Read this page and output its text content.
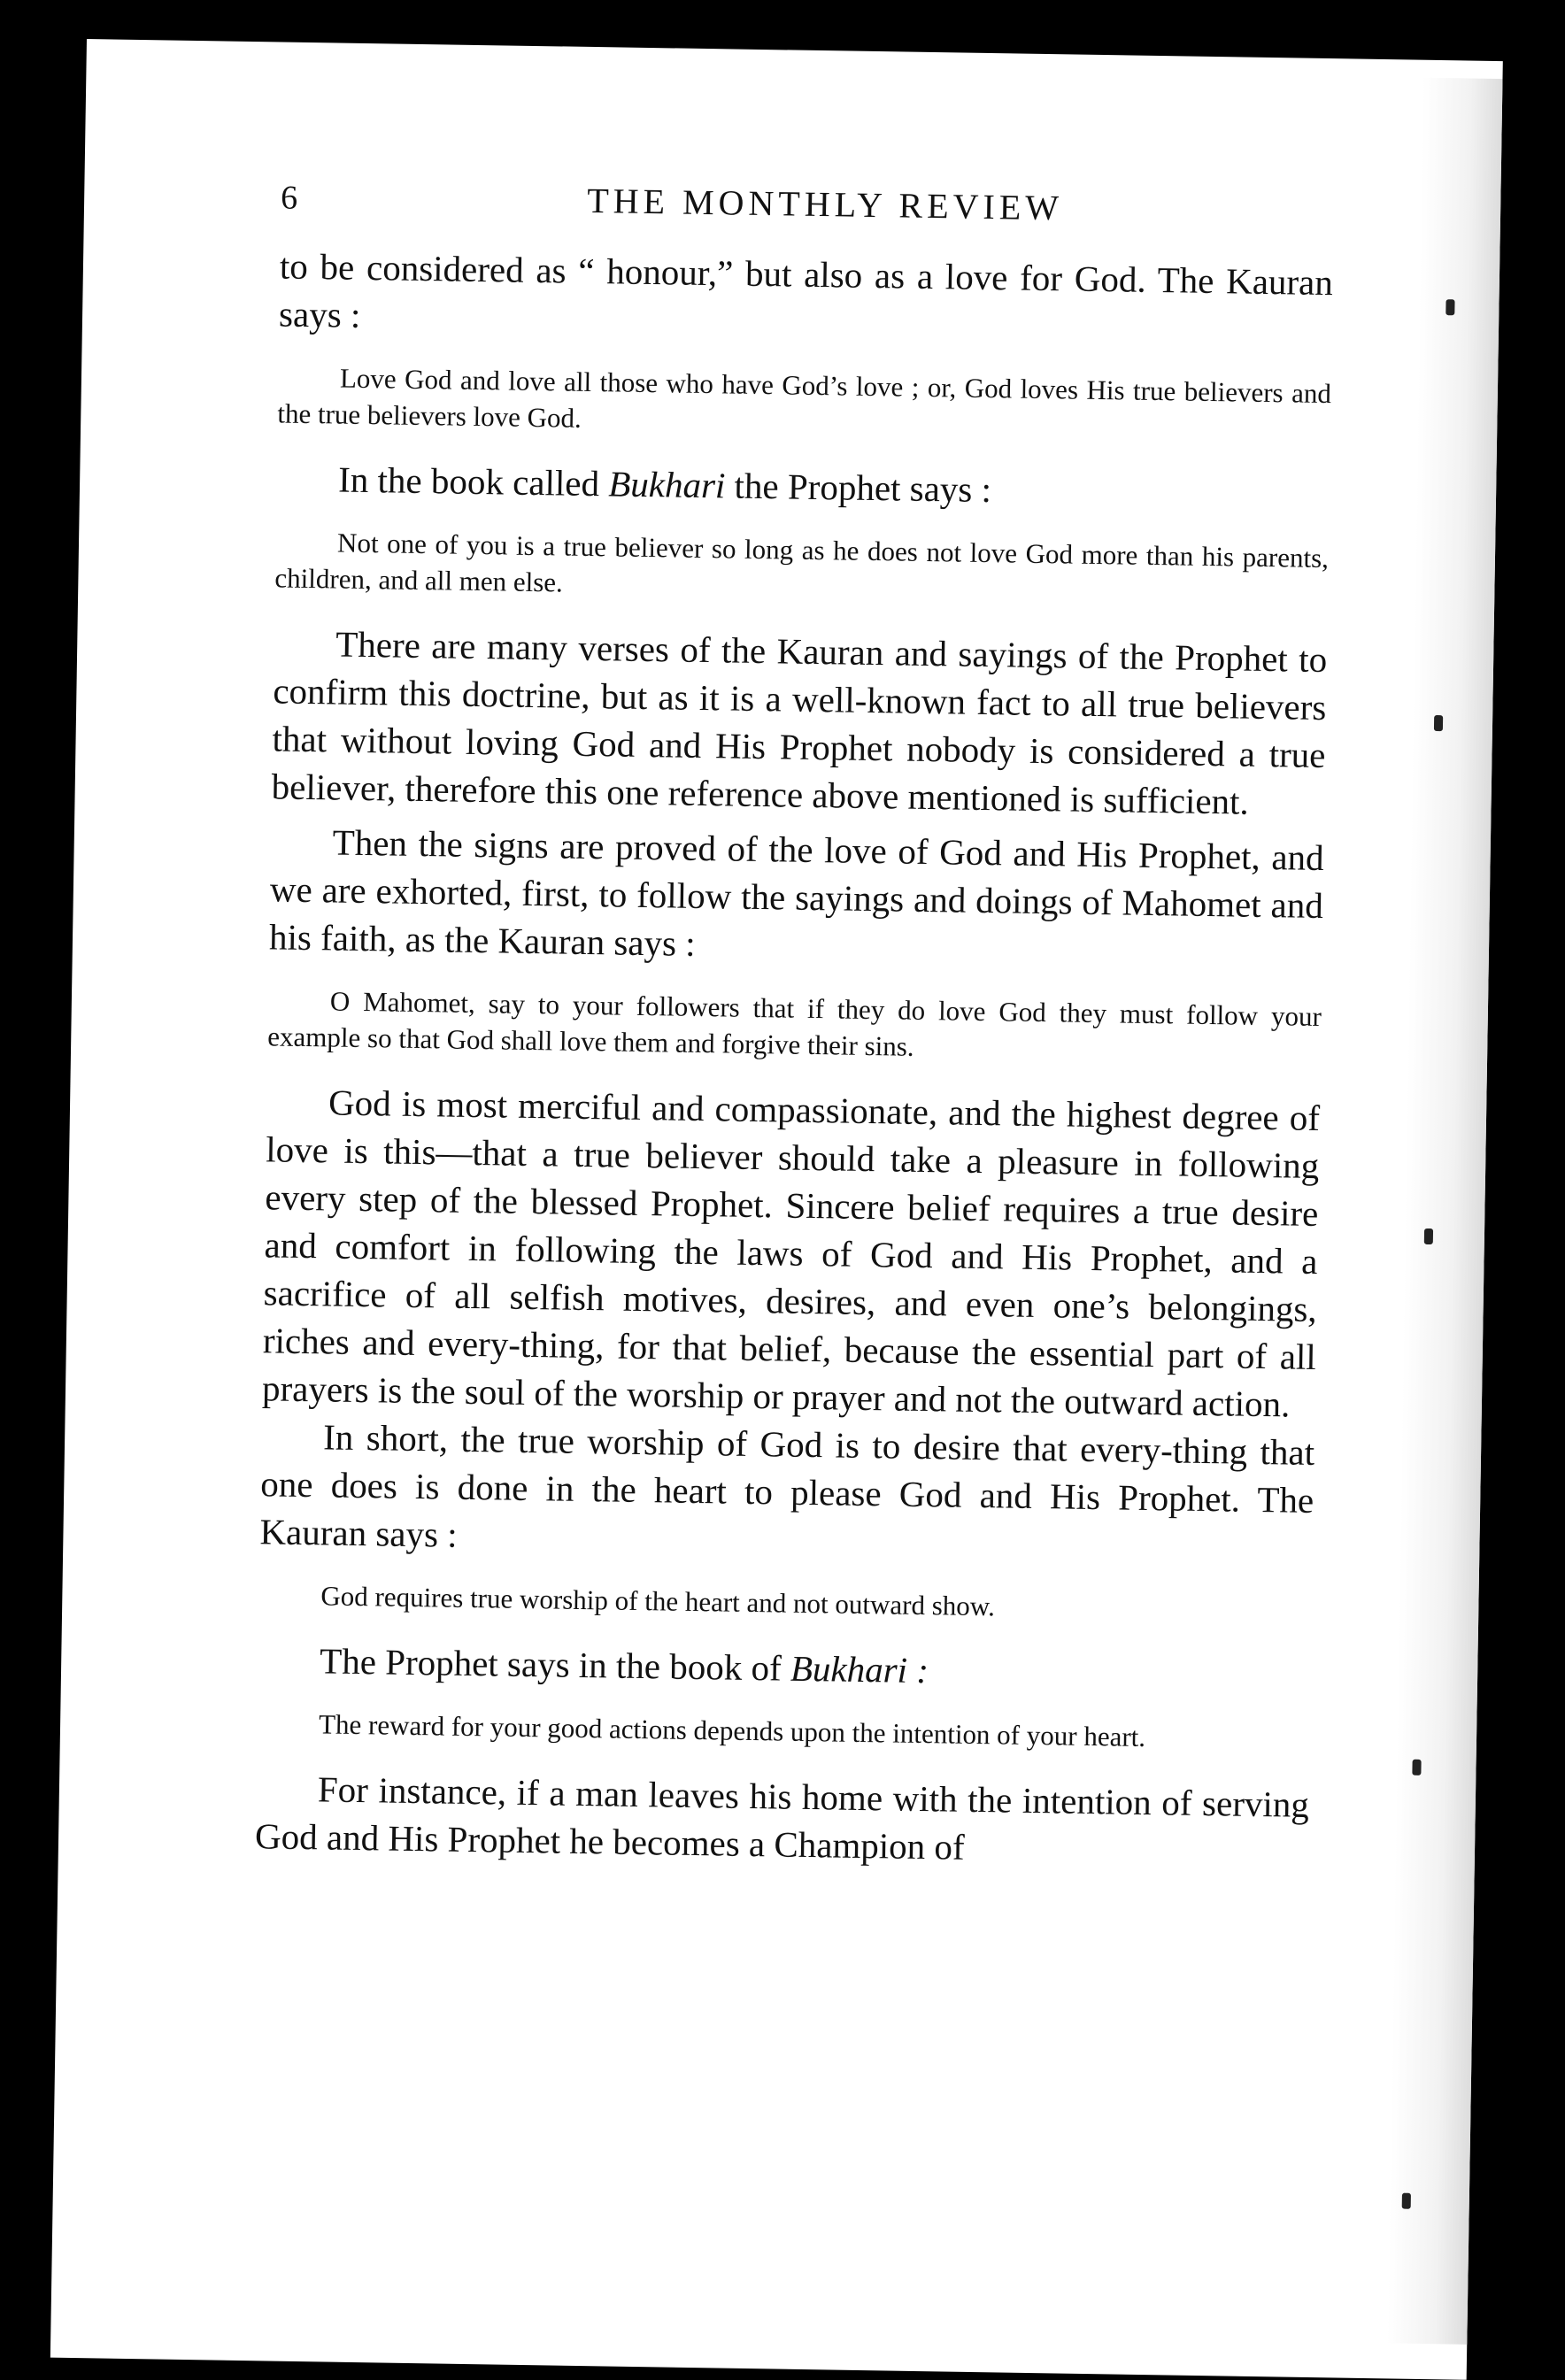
6	THE MONTHLY REVIEW

to be considered as “ honour,” but also as a love for God. The Kauran says :

Love God and love all those who have God’s love ; or, God loves His true believers and the true believers love God.

In the book called Bukhari the Prophet says :

Not one of you is a true believer so long as he does not love God more than his parents, children, and all men else.

There are many verses of the Kauran and sayings of the Prophet to confirm this doctrine, but as it is a well-known fact to all true believers that without loving God and His Prophet nobody is considered a true believer, therefore this one reference above mentioned is sufficient.

Then the signs are proved of the love of God and His Prophet, and we are exhorted, first, to follow the sayings and doings of Mahomet and his faith, as the Kauran says :

O Mahomet, say to your followers that if they do love God they must follow your example so that God shall love them and forgive their sins.

God is most merciful and compassionate, and the highest degree of love is this—that a true believer should take a pleasure in following every step of the blessed Prophet. Sincere belief requires a true desire and comfort in following the laws of God and His Prophet, and a sacrifice of all selfish motives, desires, and even one’s belongings, riches and every-thing, for that belief, because the essential part of all prayers is the soul of the worship or prayer and not the outward action.

In short, the true worship of God is to desire that every-thing that one does is done in the heart to please God and His Prophet. The Kauran says :

God requires true worship of the heart and not outward show.

The Prophet says in the book of Bukhari :

The reward for your good actions depends upon the intention of your heart.

For instance, if a man leaves his home with the intention of serving God and His Prophet he becomes a Champion of
